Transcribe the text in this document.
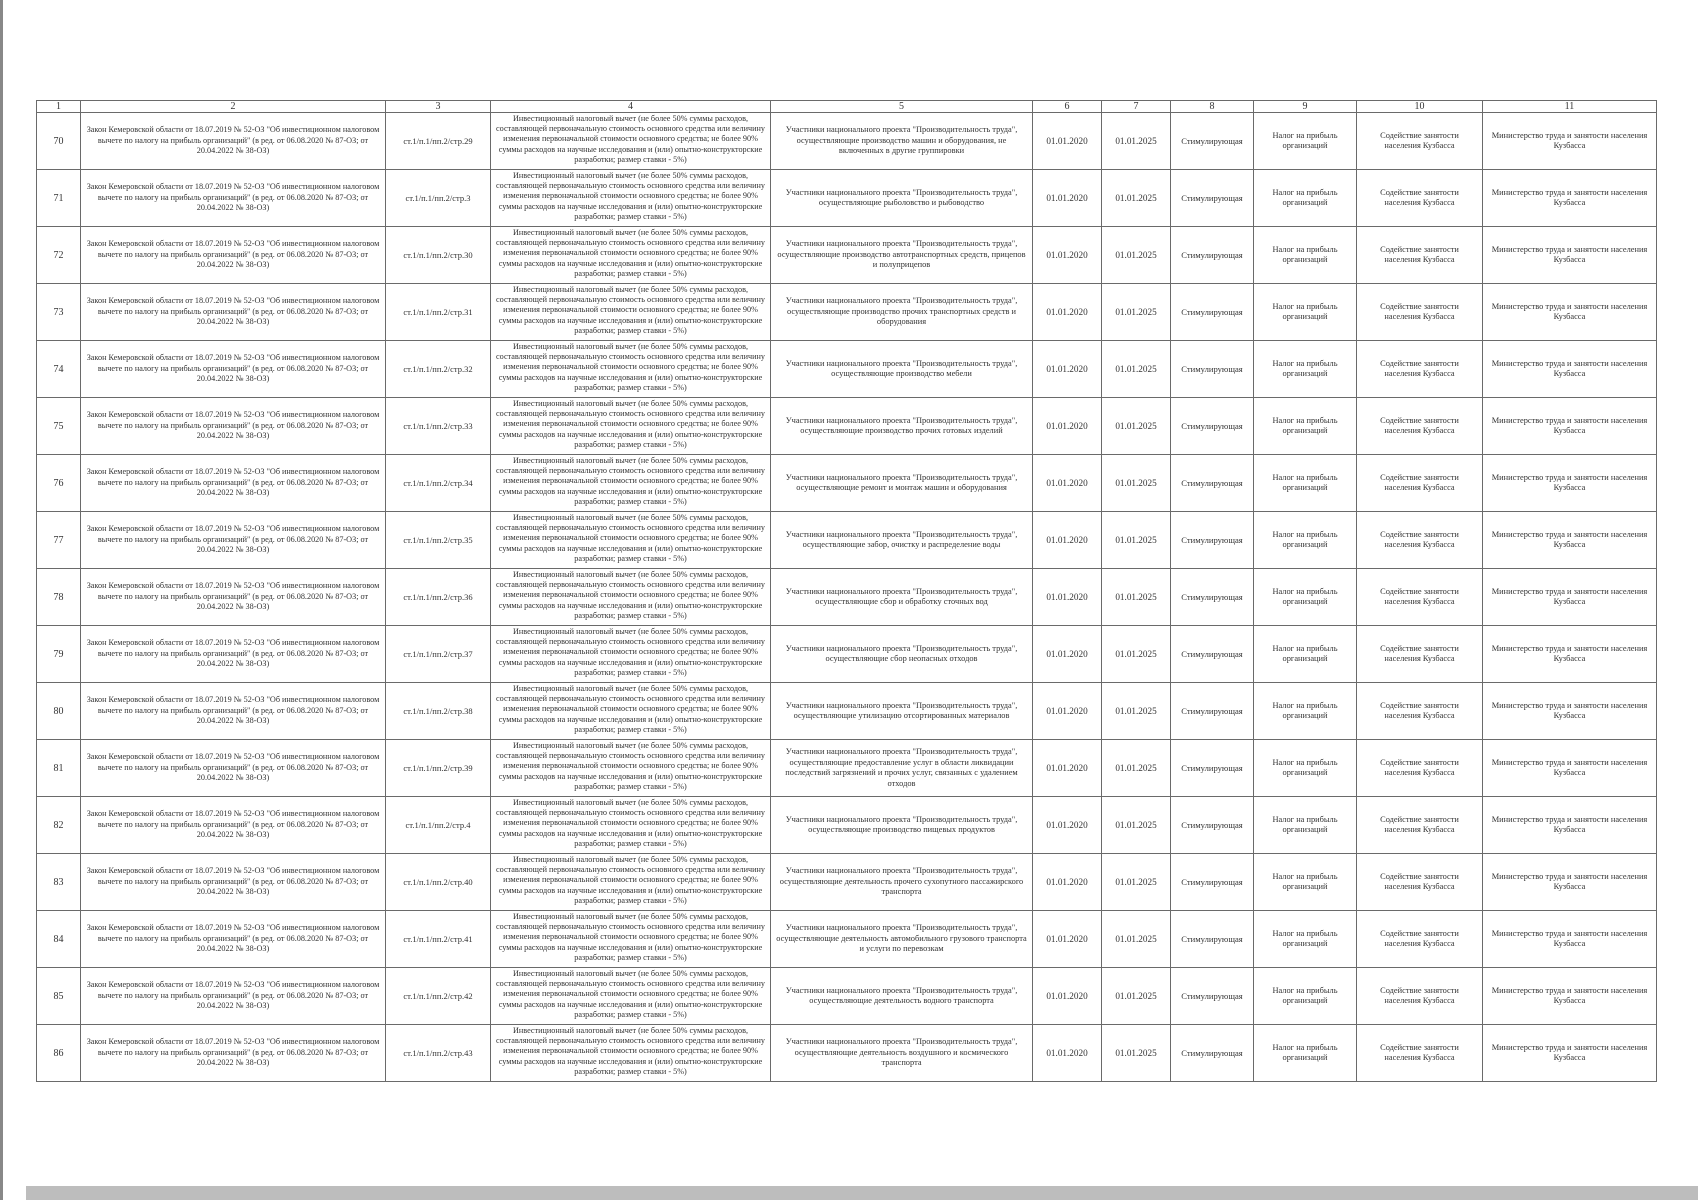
1	2	3	4	5	6	7	8	9	10	11
70	Закон Кемеровской области от 18.07.2019 № 52-ОЗ "Об инвестиционном налоговом вычете по налогу на прибыль организаций" (в ред. от 06.08.2020 № 87-ОЗ; от 20.04.2022 № 38-ОЗ)	ст.1/п.1/пп.2/стр.29	Инвестиционный налоговый вычет (не более 50% суммы расходов, составляющей первоначальную стоимость основного средства или величину изменения первоначальной стоимости основного средства; не более 90% суммы расходов на научные исследования и (или) опытно-конструкторские разработки; размер ставки - 5%)	Участники национального проекта "Производительность труда", осуществляющие производство машин и оборудования, не включенных в другие группировки	01.01.2020	01.01.2025	Стимулирующая	Налог на прибыль организаций	Содействие занятости населения Кузбасса	Министерство труда и занятости населения Кузбасса
71	Закон Кемеровской области от 18.07.2019 № 52-ОЗ "Об инвестиционном налоговом вычете по налогу на прибыль организаций" (в ред. от 06.08.2020 № 87-ОЗ; от 20.04.2022 № 38-ОЗ)	ст.1/п.1/пп.2/стр.3	Инвестиционный налоговый вычет (не более 50% суммы расходов, составляющей первоначальную стоимость основного средства или величину изменения первоначальной стоимости основного средства; не более 90% суммы расходов на научные исследования и (или) опытно-конструкторские разработки; размер ставки - 5%)	Участники национального проекта "Производительность труда", осуществляющие рыболовство и рыбоводство	01.01.2020	01.01.2025	Стимулирующая	Налог на прибыль организаций	Содействие занятости населения Кузбасса	Министерство труда и занятости населения Кузбасса
72	Закон Кемеровской области от 18.07.2019 № 52-ОЗ "Об инвестиционном налоговом вычете по налогу на прибыль организаций" (в ред. от 06.08.2020 № 87-ОЗ; от 20.04.2022 № 38-ОЗ)	ст.1/п.1/пп.2/стр.30	Инвестиционный налоговый вычет (не более 50% суммы расходов, составляющей первоначальную стоимость основного средства или величину изменения первоначальной стоимости основного средства; не более 90% суммы расходов на научные исследования и (или) опытно-конструкторские разработки; размер ставки - 5%)	Участники национального проекта "Производительность труда", осуществляющие производство автотранспортных средств, прицепов и полуприцепов	01.01.2020	01.01.2025	Стимулирующая	Налог на прибыль организаций	Содействие занятости населения Кузбасса	Министерство труда и занятости населения Кузбасса
73	Закон Кемеровской области от 18.07.2019 № 52-ОЗ "Об инвестиционном налоговом вычете по налогу на прибыль организаций" (в ред. от 06.08.2020 № 87-ОЗ; от 20.04.2022 № 38-ОЗ)	ст.1/п.1/пп.2/стр.31	Инвестиционный налоговый вычет (не более 50% суммы расходов, составляющей первоначальную стоимость основного средства или величину изменения первоначальной стоимости основного средства; не более 90% суммы расходов на научные исследования и (или) опытно-конструкторские разработки; размер ставки - 5%)	Участники национального проекта "Производительность труда", осуществляющие производство прочих транспортных средств и оборудования	01.01.2020	01.01.2025	Стимулирующая	Налог на прибыль организаций	Содействие занятости населения Кузбасса	Министерство труда и занятости населения Кузбасса
74	Закон Кемеровской области от 18.07.2019 № 52-ОЗ "Об инвестиционном налоговом вычете по налогу на прибыль организаций" (в ред. от 06.08.2020 № 87-ОЗ; от 20.04.2022 № 38-ОЗ)	ст.1/п.1/пп.2/стр.32	Инвестиционный налоговый вычет (не более 50% суммы расходов, составляющей первоначальную стоимость основного средства или величину изменения первоначальной стоимости основного средства; не более 90% суммы расходов на научные исследования и (или) опытно-конструкторские разработки; размер ставки - 5%)	Участники национального проекта "Производительность труда", осуществляющие производство мебели	01.01.2020	01.01.2025	Стимулирующая	Налог на прибыль организаций	Содействие занятости населения Кузбасса	Министерство труда и занятости населения Кузбасса
75	Закон Кемеровской области от 18.07.2019 № 52-ОЗ "Об инвестиционном налоговом вычете по налогу на прибыль организаций" (в ред. от 06.08.2020 № 87-ОЗ; от 20.04.2022 № 38-ОЗ)	ст.1/п.1/пп.2/стр.33	Инвестиционный налоговый вычет (не более 50% суммы расходов, составляющей первоначальную стоимость основного средства или величину изменения первоначальной стоимости основного средства; не более 90% суммы расходов на научные исследования и (или) опытно-конструкторские разработки; размер ставки - 5%)	Участники национального проекта "Производительность труда", осуществляющие производство прочих готовых изделий	01.01.2020	01.01.2025	Стимулирующая	Налог на прибыль организаций	Содействие занятости населения Кузбасса	Министерство труда и занятости населения Кузбасса
76	Закон Кемеровской области от 18.07.2019 № 52-ОЗ "Об инвестиционном налоговом вычете по налогу на прибыль организаций" (в ред. от 06.08.2020 № 87-ОЗ; от 20.04.2022 № 38-ОЗ)	ст.1/п.1/пп.2/стр.34	Инвестиционный налоговый вычет (не более 50% суммы расходов, составляющей первоначальную стоимость основного средства или величину изменения первоначальной стоимости основного средства; не более 90% суммы расходов на научные исследования и (или) опытно-конструкторские разработки; размер ставки - 5%)	Участники национального проекта "Производительность труда", осуществляющие ремонт и монтаж машин и оборудования	01.01.2020	01.01.2025	Стимулирующая	Налог на прибыль организаций	Содействие занятости населения Кузбасса	Министерство труда и занятости населения Кузбасса
77	Закон Кемеровской области от 18.07.2019 № 52-ОЗ "Об инвестиционном налоговом вычете по налогу на прибыль организаций" (в ред. от 06.08.2020 № 87-ОЗ; от 20.04.2022 № 38-ОЗ)	ст.1/п.1/пп.2/стр.35	Инвестиционный налоговый вычет (не более 50% суммы расходов, составляющей первоначальную стоимость основного средства или величину изменения первоначальной стоимости основного средства; не более 90% суммы расходов на научные исследования и (или) опытно-конструкторские разработки; размер ставки - 5%)	Участники национального проекта "Производительность труда", осуществляющие забор, очистку и распределение воды	01.01.2020	01.01.2025	Стимулирующая	Налог на прибыль организаций	Содействие занятости населения Кузбасса	Министерство труда и занятости населения Кузбасса
78	Закон Кемеровской области от 18.07.2019 № 52-ОЗ "Об инвестиционном налоговом вычете по налогу на прибыль организаций" (в ред. от 06.08.2020 № 87-ОЗ; от 20.04.2022 № 38-ОЗ)	ст.1/п.1/пп.2/стр.36	Инвестиционный налоговый вычет (не более 50% суммы расходов, составляющей первоначальную стоимость основного средства или величину изменения первоначальной стоимости основного средства; не более 90% суммы расходов на научные исследования и (или) опытно-конструкторские разработки; размер ставки - 5%)	Участники национального проекта "Производительность труда", осуществляющие сбор и обработку сточных вод	01.01.2020	01.01.2025	Стимулирующая	Налог на прибыль организаций	Содействие занятости населения Кузбасса	Министерство труда и занятости населения Кузбасса
79	Закон Кемеровской области от 18.07.2019 № 52-ОЗ "Об инвестиционном налоговом вычете по налогу на прибыль организаций" (в ред. от 06.08.2020 № 87-ОЗ; от 20.04.2022 № 38-ОЗ)	ст.1/п.1/пп.2/стр.37	Инвестиционный налоговый вычет (не более 50% суммы расходов, составляющей первоначальную стоимость основного средства или величину изменения первоначальной стоимости основного средства; не более 90% суммы расходов на научные исследования и (или) опытно-конструкторские разработки; размер ставки - 5%)	Участники национального проекта "Производительность труда", осуществляющие сбор неопасных отходов	01.01.2020	01.01.2025	Стимулирующая	Налог на прибыль организаций	Содействие занятости населения Кузбасса	Министерство труда и занятости населения Кузбасса
80	Закон Кемеровской области от 18.07.2019 № 52-ОЗ "Об инвестиционном налоговом вычете по налогу на прибыль организаций" (в ред. от 06.08.2020 № 87-ОЗ; от 20.04.2022 № 38-ОЗ)	ст.1/п.1/пп.2/стр.38	Инвестиционный налоговый вычет (не более 50% суммы расходов, составляющей первоначальную стоимость основного средства или величину изменения первоначальной стоимости основного средства; не более 90% суммы расходов на научные исследования и (или) опытно-конструкторские разработки; размер ставки - 5%)	Участники национального проекта "Производительность труда", осуществляющие утилизацию отсортированных материалов	01.01.2020	01.01.2025	Стимулирующая	Налог на прибыль организаций	Содействие занятости населения Кузбасса	Министерство труда и занятости населения Кузбасса
81	Закон Кемеровской области от 18.07.2019 № 52-ОЗ "Об инвестиционном налоговом вычете по налогу на прибыль организаций" (в ред. от 06.08.2020 № 87-ОЗ; от 20.04.2022 № 38-ОЗ)	ст.1/п.1/пп.2/стр.39	Инвестиционный налоговый вычет (не более 50% суммы расходов, составляющей первоначальную стоимость основного средства или величину изменения первоначальной стоимости основного средства; не более 90% суммы расходов на научные исследования и (или) опытно-конструкторские разработки; размер ставки - 5%)	Участники национального проекта "Производительность труда", осуществляющие предоставление услуг в области ликвидации последствий загрязнений и прочих услуг, связанных с удалением отходов	01.01.2020	01.01.2025	Стимулирующая	Налог на прибыль организаций	Содействие занятости населения Кузбасса	Министерство труда и занятости населения Кузбасса
82	Закон Кемеровской области от 18.07.2019 № 52-ОЗ "Об инвестиционном налоговом вычете по налогу на прибыль организаций" (в ред. от 06.08.2020 № 87-ОЗ; от 20.04.2022 № 38-ОЗ)	ст.1/п.1/пп.2/стр.4	Инвестиционный налоговый вычет (не более 50% суммы расходов, составляющей первоначальную стоимость основного средства или величину изменения первоначальной стоимости основного средства; не более 90% суммы расходов на научные исследования и (или) опытно-конструкторские разработки; размер ставки - 5%)	Участники национального проекта "Производительность труда", осуществляющие производство пищевых продуктов	01.01.2020	01.01.2025	Стимулирующая	Налог на прибыль организаций	Содействие занятости населения Кузбасса	Министерство труда и занятости населения Кузбасса
83	Закон Кемеровской области от 18.07.2019 № 52-ОЗ "Об инвестиционном налоговом вычете по налогу на прибыль организаций" (в ред. от 06.08.2020 № 87-ОЗ; от 20.04.2022 № 38-ОЗ)	ст.1/п.1/пп.2/стр.40	Инвестиционный налоговый вычет (не более 50% суммы расходов, составляющей первоначальную стоимость основного средства или величину изменения первоначальной стоимости основного средства; не более 90% суммы расходов на научные исследования и (или) опытно-конструкторские разработки; размер ставки - 5%)	Участники национального проекта "Производительность труда", осуществляющие деятельность прочего сухопутного пассажирского транспорта	01.01.2020	01.01.2025	Стимулирующая	Налог на прибыль организаций	Содействие занятости населения Кузбасса	Министерство труда и занятости населения Кузбасса
84	Закон Кемеровской области от 18.07.2019 № 52-ОЗ "Об инвестиционном налоговом вычете по налогу на прибыль организаций" (в ред. от 06.08.2020 № 87-ОЗ; от 20.04.2022 № 38-ОЗ)	ст.1/п.1/пп.2/стр.41	Инвестиционный налоговый вычет (не более 50% суммы расходов, составляющей первоначальную стоимость основного средства или величину изменения первоначальной стоимости основного средства; не более 90% суммы расходов на научные исследования и (или) опытно-конструкторские разработки; размер ставки - 5%)	Участники национального проекта "Производительность труда", осуществляющие деятельность автомобильного грузового транспорта и услуги по перевозкам	01.01.2020	01.01.2025	Стимулирующая	Налог на прибыль организаций	Содействие занятости населения Кузбасса	Министерство труда и занятости населения Кузбасса
85	Закон Кемеровской области от 18.07.2019 № 52-ОЗ "Об инвестиционном налоговом вычете по налогу на прибыль организаций" (в ред. от 06.08.2020 № 87-ОЗ; от 20.04.2022 № 38-ОЗ)	ст.1/п.1/пп.2/стр.42	Инвестиционный налоговый вычет (не более 50% суммы расходов, составляющей первоначальную стоимость основного средства или величину изменения первоначальной стоимости основного средства; не более 90% суммы расходов на научные исследования и (или) опытно-конструкторские разработки; размер ставки - 5%)	Участники национального проекта "Производительность труда", осуществляющие деятельность водного транспорта	01.01.2020	01.01.2025	Стимулирующая	Налог на прибыль организаций	Содействие занятости населения Кузбасса	Министерство труда и занятости населения Кузбасса
86	Закон Кемеровской области от 18.07.2019 № 52-ОЗ "Об инвестиционном налоговом вычете по налогу на прибыль организаций" (в ред. от 06.08.2020 № 87-ОЗ; от 20.04.2022 № 38-ОЗ)	ст.1/п.1/пп.2/стр.43	Инвестиционный налоговый вычет (не более 50% суммы расходов, составляющей первоначальную стоимость основного средства или величину изменения первоначальной стоимости основного средства; не более 90% суммы расходов на научные исследования и (или) опытно-конструкторские разработки; размер ставки - 5%)	Участники национального проекта "Производительность труда", осуществляющие деятельность воздушного и космического транспорта	01.01.2020	01.01.2025	Стимулирующая	Налог на прибыль организаций	Содействие занятости населения Кузбасса	Министерство труда и занятости населения Кузбасса
